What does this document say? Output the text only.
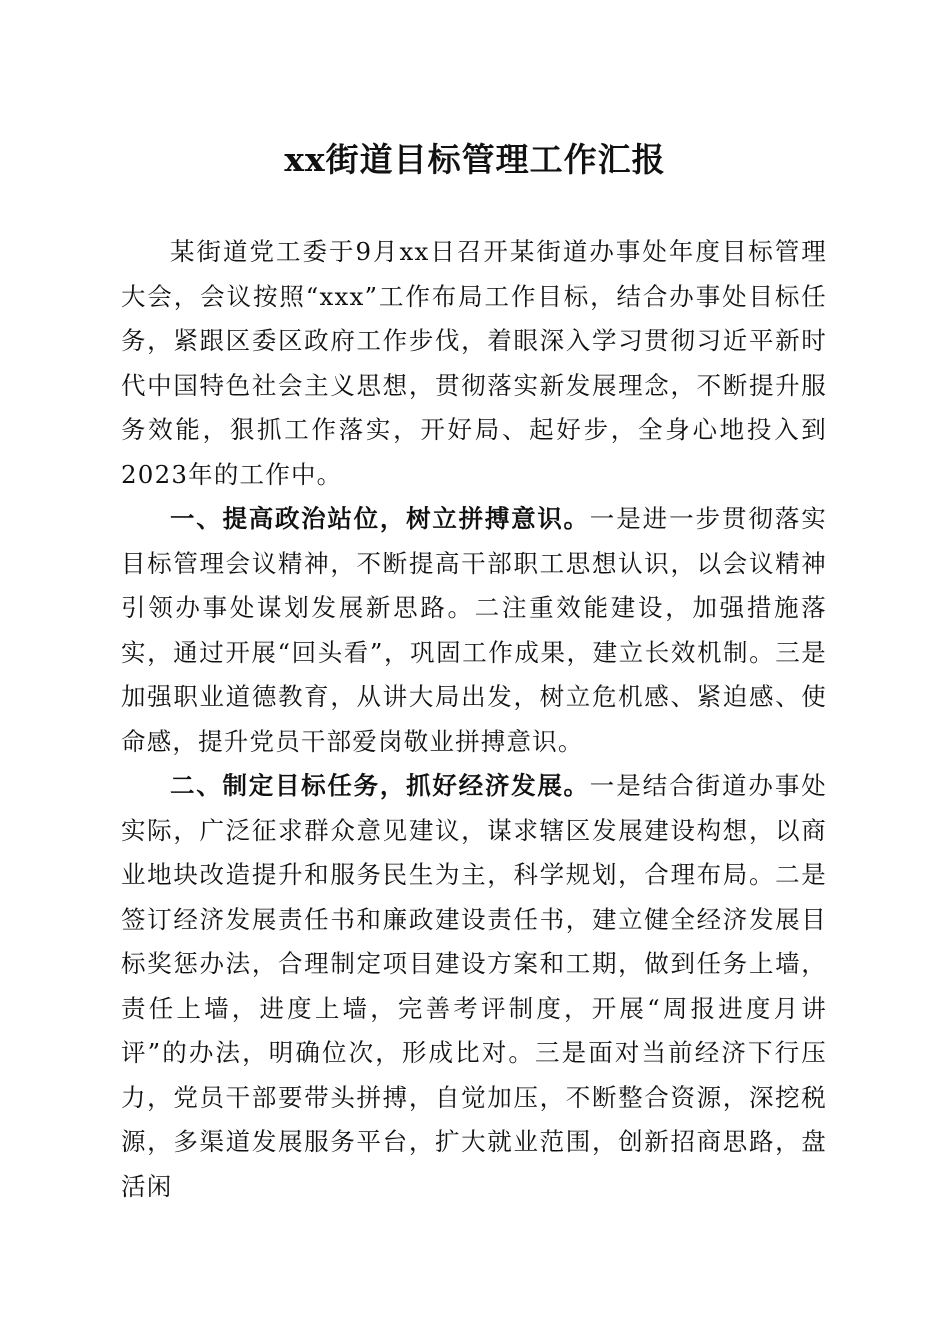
xx街道目标管理工作汇报

某街道党工委于9月xx日召开某街道办事处年度目标管理大会，会议按照“xxx”工作布局工作目标，结合办事处目标任务，紧跟区委区政府工作步伐，着眼深入学习贯彻习近平新时代中国特色社会主义思想，贯彻落实新发展理念，不断提升服务效能，狠抓工作落实，开好局、起好步，全身心地投入到2023年的工作中。

一、提高政治站位，树立拼搏意识。一是进一步贯彻落实目标管理会议精神，不断提高干部职工思想认识，以会议精神引领办事处谋划发展新思路。二注重效能建设，加强措施落实，通过开展“回头看”，巩固工作成果，建立长效机制。三是加强职业道德教育，从讲大局出发，树立危机感、紧迫感、使命感，提升党员干部爱岗敬业拼搏意识。

二、制定目标任务，抓好经济发展。一是结合街道办事处实际，广泛征求群众意见建议，谋求辖区发展建设构想，以商业地块改造提升和服务民生为主，科学规划，合理布局。二是签订经济发展责任书和廉政建设责任书，建立健全经济发展目标奖惩办法，合理制定项目建设方案和工期，做到任务上墙，责任上墙，进度上墙，完善考评制度，开展“周报进度月讲评”的办法，明确位次，形成比对。三是面对当前经济下行压力，党员干部要带头拼搏，自觉加压，不断整合资源，深挖税源，多渠道发展服务平台，扩大就业范围，创新招商思路，盘活闲
